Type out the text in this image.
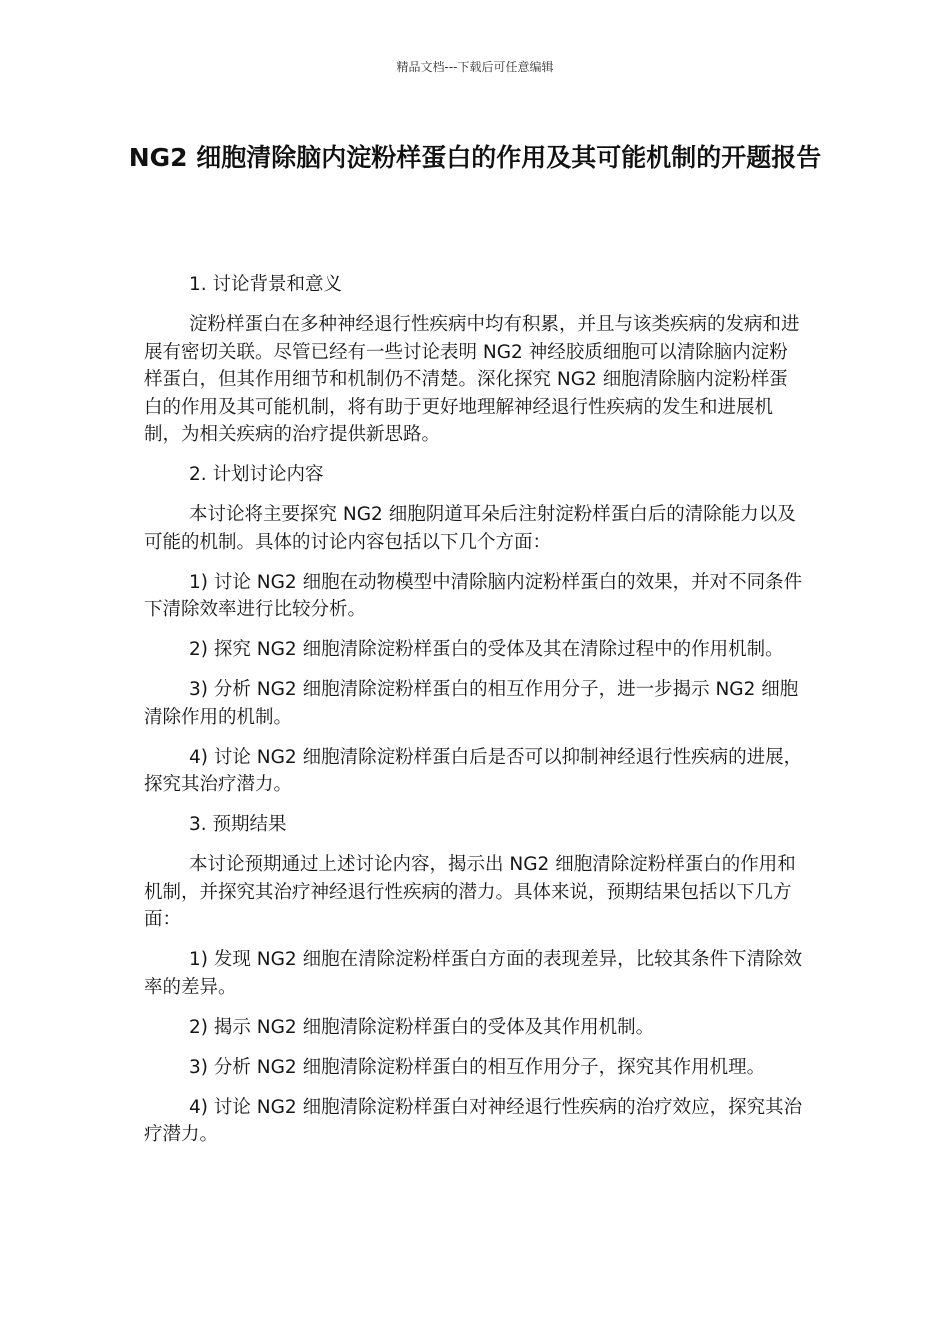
精品文档---下载后可任意编辑
NG2 细胞清除脑内淀粉样蛋白的作用及其可能机制的开题报告

1. 讨论背景和意义

淀粉样蛋白在多种神经退行性疾病中均有积累，并且与该类疾病的发病和进展有密切关联。尽管已经有一些讨论表明 NG2 神经胶质细胞可以清除脑内淀粉样蛋白，但其作用细节和机制仍不清楚。深化探究 NG2 细胞清除脑内淀粉样蛋白的作用及其可能机制，将有助于更好地理解神经退行性疾病的发生和进展机制，为相关疾病的治疗提供新思路。

2. 计划讨论内容

本讨论将主要探究 NG2 细胞阴道耳朵后注射淀粉样蛋白后的清除能力以及可能的机制。具体的讨论内容包括以下几个方面：

1) 讨论 NG2 细胞在动物模型中清除脑内淀粉样蛋白的效果，并对不同条件下清除效率进行比较分析。

2) 探究 NG2 细胞清除淀粉样蛋白的受体及其在清除过程中的作用机制。

3) 分析 NG2 细胞清除淀粉样蛋白的相互作用分子，进一步揭示 NG2 细胞清除作用的机制。

4) 讨论 NG2 细胞清除淀粉样蛋白后是否可以抑制神经退行性疾病的进展，探究其治疗潜力。

3. 预期结果

本讨论预期通过上述讨论内容，揭示出 NG2 细胞清除淀粉样蛋白的作用和机制，并探究其治疗神经退行性疾病的潜力。具体来说，预期结果包括以下几方面：

1) 发现 NG2 细胞在清除淀粉样蛋白方面的表现差异，比较其条件下清除效率的差异。

2) 揭示 NG2 细胞清除淀粉样蛋白的受体及其作用机制。

3) 分析 NG2 细胞清除淀粉样蛋白的相互作用分子，探究其作用机理。

4) 讨论 NG2 细胞清除淀粉样蛋白对神经退行性疾病的治疗效应，探究其治疗潜力。
